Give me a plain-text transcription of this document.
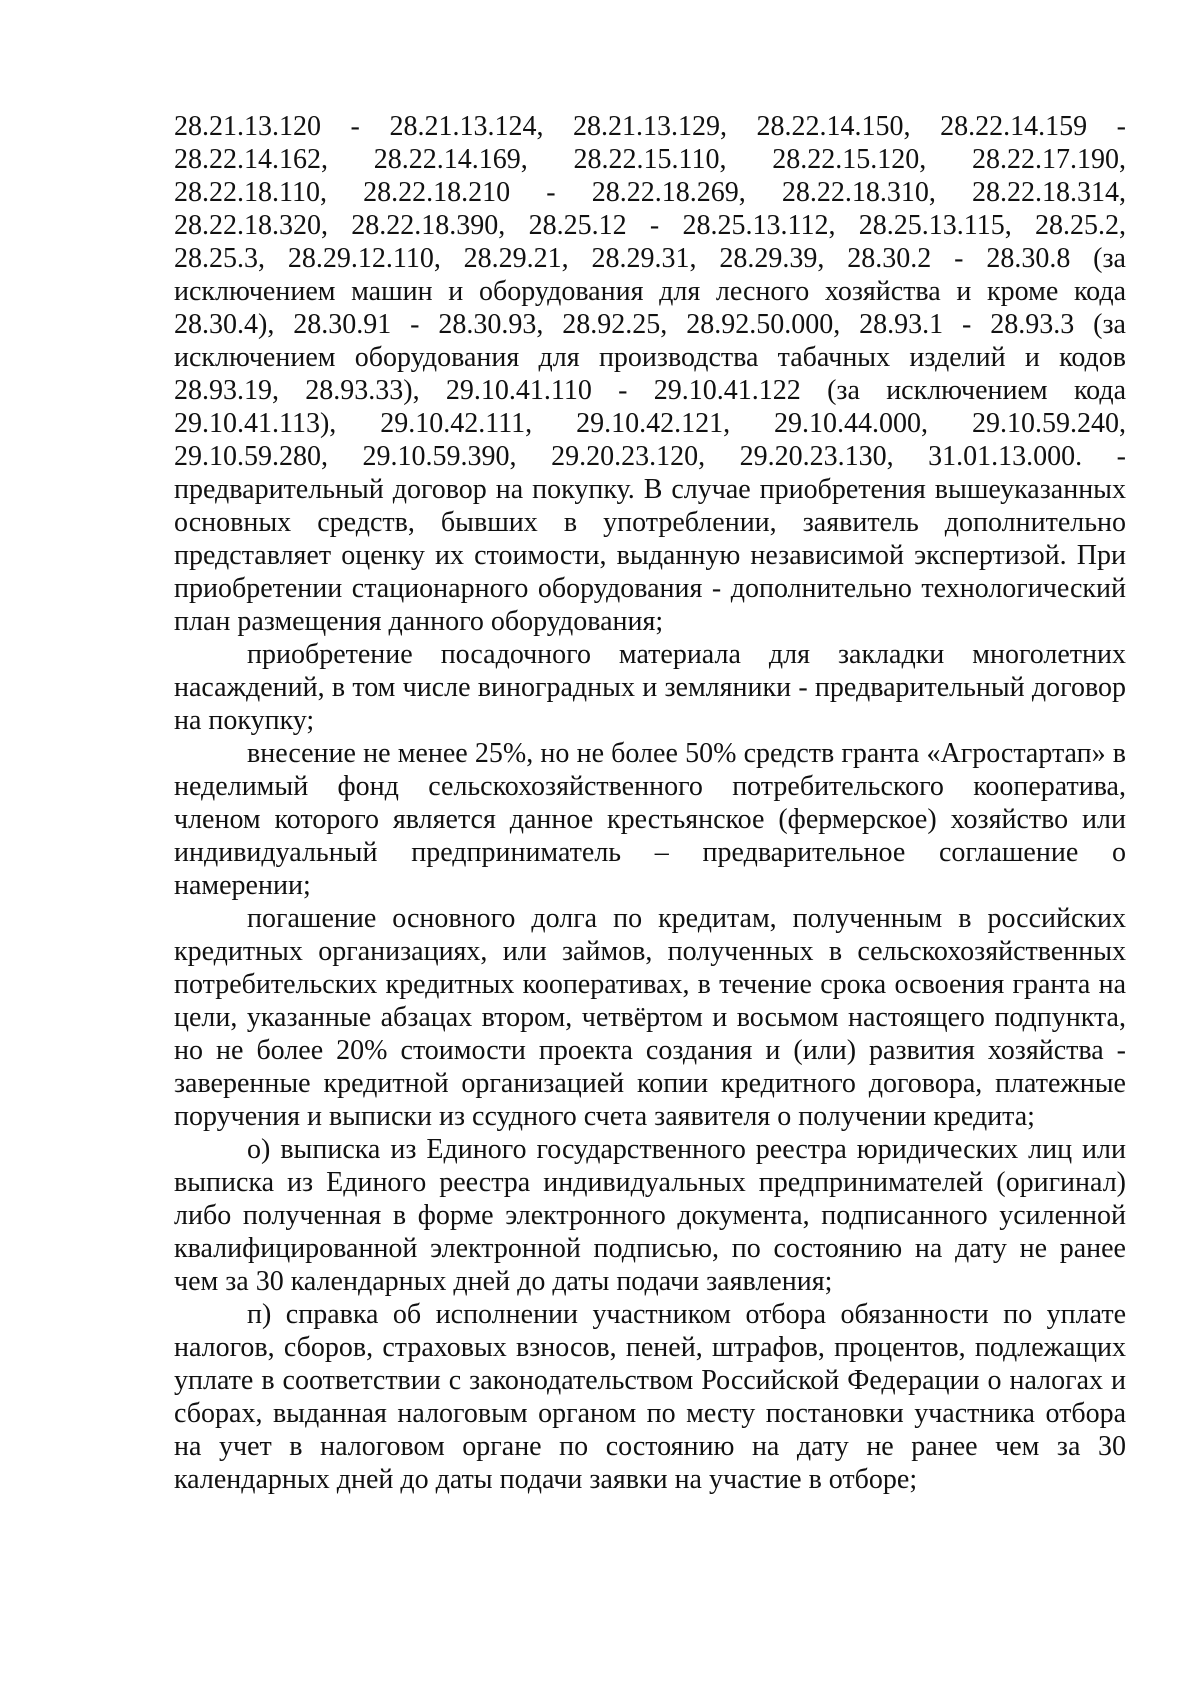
28.21.13.120 - 28.21.13.124, 28.21.13.129, 28.22.14.150, 28.22.14.159 - 28.22.14.162, 28.22.14.169, 28.22.15.110, 28.22.15.120, 28.22.17.190, 28.22.18.110, 28.22.18.210 - 28.22.18.269, 28.22.18.310, 28.22.18.314, 28.22.18.320, 28.22.18.390, 28.25.12 - 28.25.13.112, 28.25.13.115, 28.25.2, 28.25.3, 28.29.12.110, 28.29.21, 28.29.31, 28.29.39, 28.30.2 - 28.30.8 (за исключением машин и оборудования для лесного хозяйства и кроме кода 28.30.4), 28.30.91 - 28.30.93, 28.92.25, 28.92.50.000, 28.93.1 - 28.93.3 (за исключением оборудования для производства табачных изделий и кодов 28.93.19, 28.93.33), 29.10.41.110 - 29.10.41.122 (за исключением кода 29.10.41.113), 29.10.42.111, 29.10.42.121, 29.10.44.000, 29.10.59.240, 29.10.59.280, 29.10.59.390, 29.20.23.120, 29.20.23.130, 31.01.13.000. - предварительный договор на покупку. В случае приобретения вышеуказанных основных средств, бывших в употреблении, заявитель дополнительно представляет оценку их стоимости, выданную независимой экспертизой. При приобретении стационарного оборудования - дополнительно технологический план размещения данного оборудования;

приобретение посадочного материала для закладки многолетних насаждений, в том числе виноградных и земляники - предварительный договор на покупку;

внесение не менее 25%, но не более 50% средств гранта «Агростартап» в неделимый фонд сельскохозяйственного потребительского кооператива, членом которого является данное крестьянское (фермерское) хозяйство или индивидуальный предприниматель – предварительное соглашение о намерении;

погашение основного долга по кредитам, полученным в российских кредитных организациях, или займов, полученных в сельскохозяйственных потребительских кредитных кооперативах, в течение срока освоения гранта на цели, указанные абзацах втором, четвёртом и восьмом настоящего подпункта, но не более 20% стоимости проекта создания и (или) развития хозяйства - заверенные кредитной организацией копии кредитного договора, платежные поручения и выписки из ссудного счета заявителя о получении кредита;

о) выписка из Единого государственного реестра юридических лиц или выписка из Единого реестра индивидуальных предпринимателей (оригинал) либо полученная в форме электронного документа, подписанного усиленной квалифицированной электронной подписью, по состоянию на дату не ранее чем за 30 календарных дней до даты подачи заявления;

п) справка об исполнении участником отбора обязанности по уплате налогов, сборов, страховых взносов, пеней, штрафов, процентов, подлежащих уплате в соответствии с законодательством Российской Федерации о налогах и сборах, выданная налоговым органом по месту постановки участника отбора на учет в налоговом органе по состоянию на дату не ранее чем за 30 календарных дней до даты подачи заявки на участие в отборе;
